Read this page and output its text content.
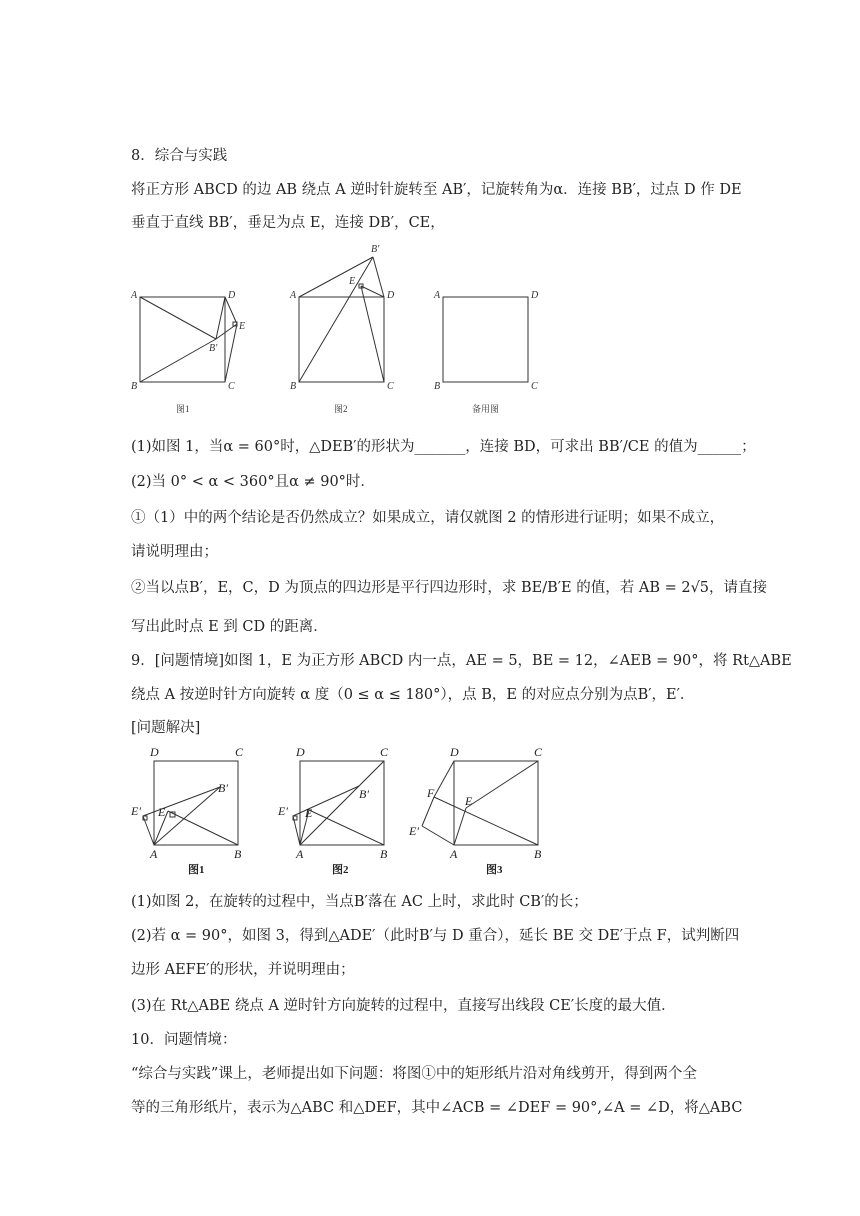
8．综合与实践
将正方形 ABCD 的边 AB 绕点 A 逆时针旋转至 AB′，记旋转角为α．连接 BB′，过点 D 作 DE
垂直于直线 BB′，垂足为点 E，连接 DB′，CE，
A	D
E
B′
B	C
B′
E
A	D
B	C
A	D
B	C
图1	图2	备用图
(1)如图 1，当α = 60°时，△DEB′的形状为_______，连接 BD，可求出 BB′/CE 的值为______；
(2)当 0° < α < 360°且α ≠ 90°时．
①（1）中的两个结论是否仍然成立？如果成立，请仅就图 2 的情形进行证明；如果不成立，
请说明理由；
②当以点B′，E，C，D 为顶点的四边形是平行四边形时，求 BE/B′E 的值，若 AB = 2√5，请直接
写出此时点 E 到 CD 的距离．
9．[问题情境]如图 1，E 为正方形 ABCD 内一点，AE = 5，BE = 12，∠AEB = 90°，将 Rt△ABE
绕点 A 按逆时针方向旋转 α 度（0 ≤ α ≤ 180°），点 B，E 的对应点分别为点B′，E′．
[问题解决]
D	C
B′
E′ E
A	B
D	C
B′
E′ E
A	B
D	C
F
E
E′
A	B
图1	图2	图3
(1)如图 2，在旋转的过程中，当点B′落在 AC 上时，求此时 CB′的长；
(2)若 α = 90°，如图 3，得到△ADE′（此时B′与 D 重合），延长 BE 交 DE′于点 F，试判断四
边形 AEFE′的形状，并说明理由；
(3)在 Rt△ABE 绕点 A 逆时针方向旋转的过程中，直接写出线段 CE′长度的最大值．
10．问题情境：
“综合与实践”课上，老师提出如下问题：将图①中的矩形纸片沿对角线剪开，得到两个全
等的三角形纸片，表示为△ABC 和△DEF，其中∠ACB = ∠DEF = 90°,∠A = ∠D，将△ABC
